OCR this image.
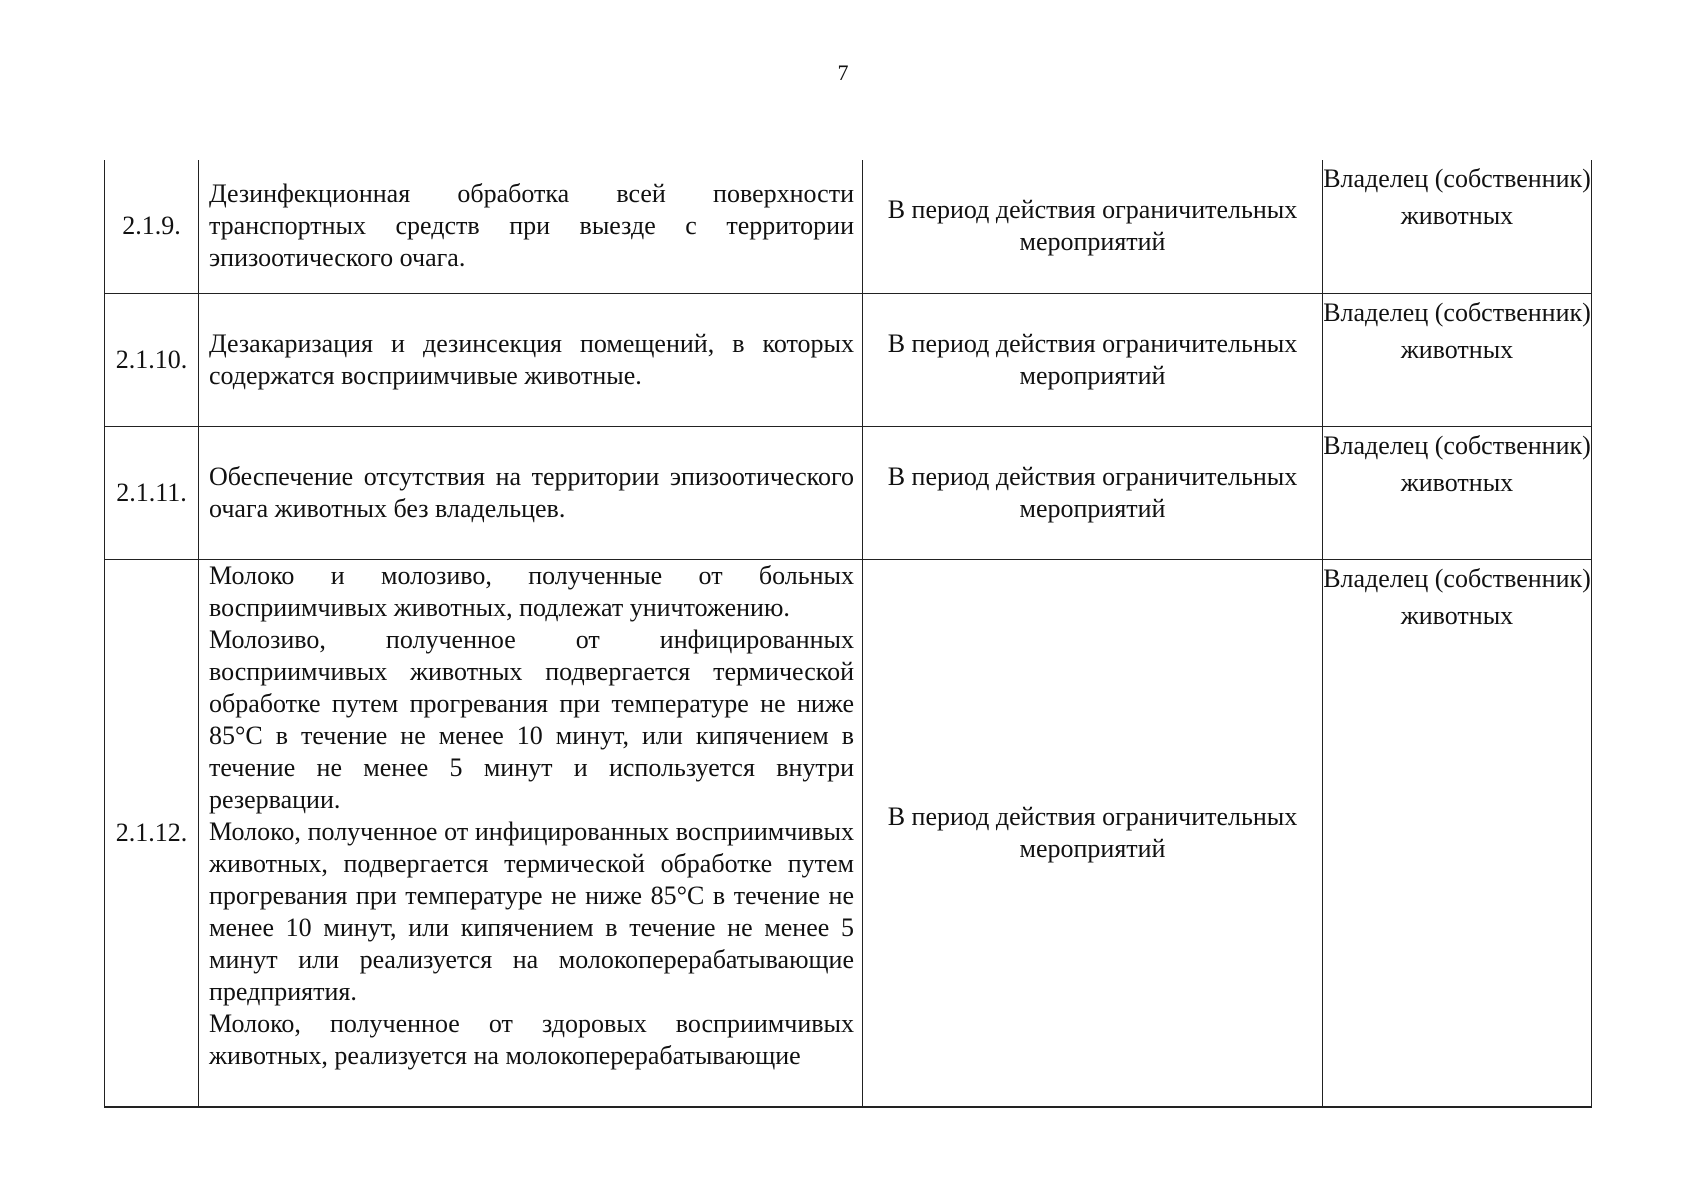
7
2.1.9.	Дезинфекционная обработка всей поверхности транспортных средств при выезде с территории эпизоотического очага.	В период действия ограничительных мероприятий	Владелец (собственник) животных
2.1.10.	Дезакаризация и дезинсекция помещений, в которых содержатся восприимчивые животные.	В период действия ограничительных мероприятий	Владелец (собственник) животных
2.1.11.	Обеспечение отсутствия на территории эпизоотического очага животных без владельцев.	В период действия ограничительных мероприятий	Владелец (собственник) животных
2.1.12.	Молоко и молозиво, полученные от больных восприимчивых животных, подлежат уничтожению.
Молозиво, полученное от инфицированных восприимчивых животных подвергается термической обработке путем прогревания при температуре не ниже 85°С в течение не менее 10 минут, или кипячением в течение не менее 5 минут и используется внутри резервации.
Молоко, полученное от инфицированных восприимчивых животных, подвергается термической обработке путем прогревания при температуре не ниже 85°С в течение не менее 10 минут, или кипячением в течение не менее 5 минут или реализуется на молокоперерабатывающие предприятия.
Молоко, полученное от здоровых восприимчивых животных, реализуется на молокоперерабатывающие	В период действия ограничительных мероприятий	Владелец (собственник) животных
